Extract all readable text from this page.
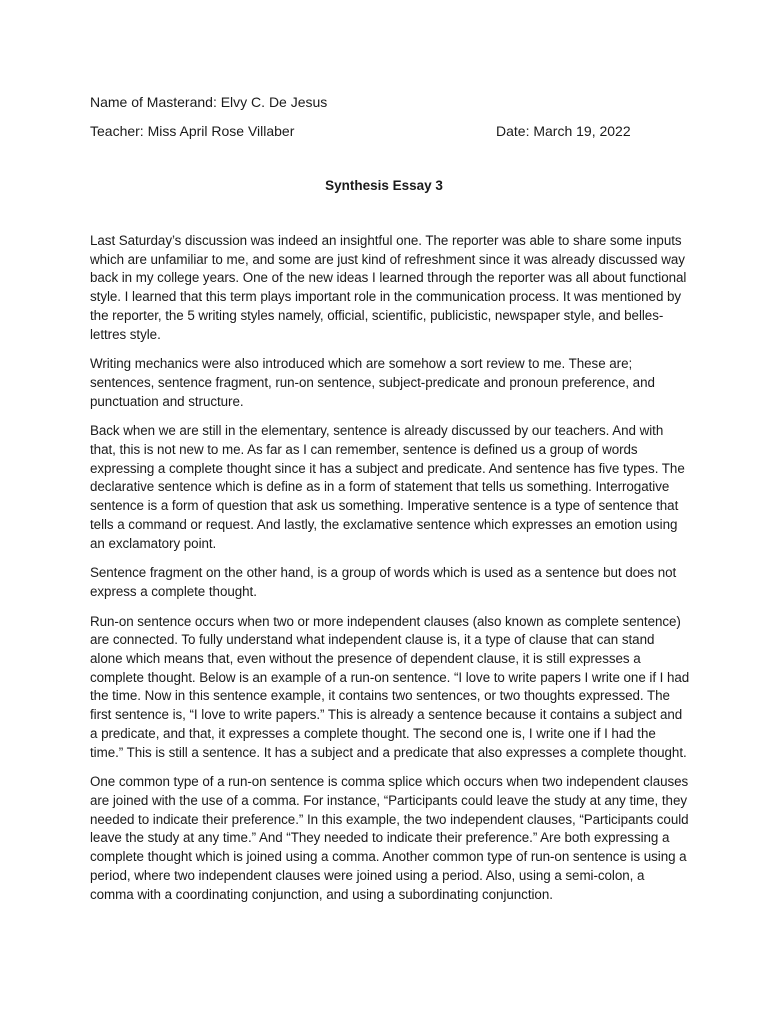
Name of Masterand: Elvy C. De Jesus
Teacher: Miss April Rose Villaber	Date: March 19, 2022
Synthesis Essay 3

Last Saturday’s discussion was indeed an insightful one. The reporter was able to share some inputs which are unfamiliar to me, and some are just kind of refreshment since it was already discussed way back in my college years. One of the new ideas I learned through the reporter was all about functional style. I learned that this term plays important role in the communication process. It was mentioned by the reporter, the 5 writing styles namely, official, scientific, publicistic, newspaper style, and belles-lettres style.

Writing mechanics were also introduced which are somehow a sort review to me. These are; sentences, sentence fragment, run-on sentence, subject-predicate and pronoun preference, and punctuation and structure.

Back when we are still in the elementary, sentence is already discussed by our teachers. And with that, this is not new to me. As far as I can remember, sentence is defined us a group of words expressing a complete thought since it has a subject and predicate. And sentence has five types. The declarative sentence which is define as in a form of statement that tells us something. Interrogative sentence is a form of question that ask us something. Imperative sentence is a type of sentence that tells a command or request. And lastly, the exclamative sentence which expresses an emotion using an exclamatory point.

Sentence fragment on the other hand, is a group of words which is used as a sentence but does not express a complete thought.

Run-on sentence occurs when two or more independent clauses (also known as complete sentence) are connected. To fully understand what independent clause is, it a type of clause that can stand alone which means that, even without the presence of dependent clause, it is still expresses a complete thought. Below is an example of a run-on sentence. “I love to write papers I write one if I had the time. Now in this sentence example, it contains two sentences, or two thoughts expressed. The first sentence is, “I love to write papers.” This is already a sentence because it contains a subject and a predicate, and that, it expresses a complete thought. The second one is, I write one if I had the time.” This is still a sentence. It has a subject and a predicate that also expresses a complete thought.

One common type of a run-on sentence is comma splice which occurs when two independent clauses are joined with the use of a comma. For instance, “Participants could leave the study at any time, they needed to indicate their preference.” In this example, the two independent clauses, “Participants could leave the study at any time.” And “They needed to indicate their preference.” Are both expressing a complete thought which is joined using a comma. Another common type of run-on sentence is using a period, where two independent clauses were joined using a period. Also, using a semi-colon, a comma with a coordinating conjunction, and using a subordinating conjunction.
